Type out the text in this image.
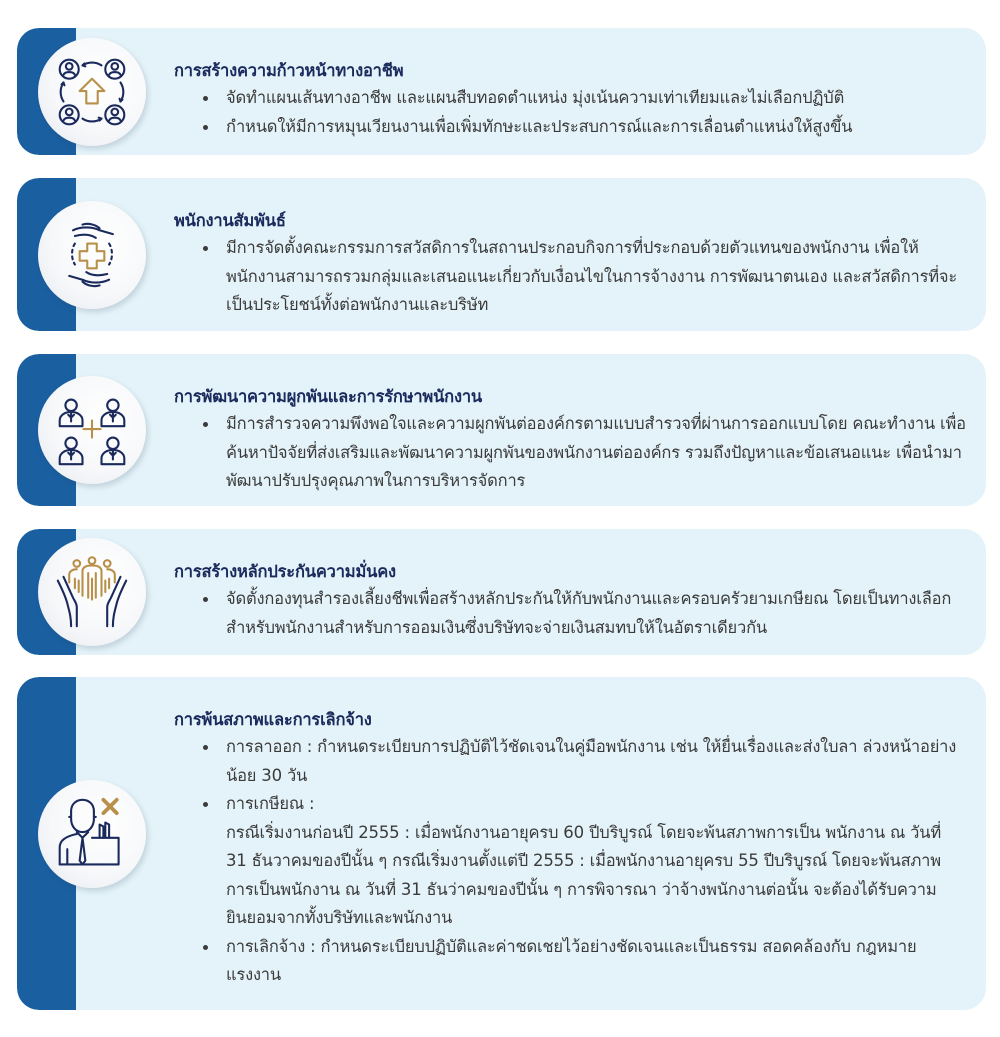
การสร้างความก้าวหน้าทางอาชีพ
จัดทำแผนเส้นทางอาชีพ และแผนสืบทอดตำแหน่ง มุ่งเน้นความเท่าเทียมและไม่เลือกปฏิบัติ
กำหนดให้มีการหมุนเวียนงานเพื่อเพิ่มทักษะและประสบการณ์และการเลื่อนตำแหน่งให้สูงขึ้น
พนักงานสัมพันธ์
มีการจัดตั้งคณะกรรมการสวัสดิการในสถานประกอบกิจการที่ประกอบด้วยตัวแทนของพนักงาน เพื่อให้พนักงานสามารถรวมกลุ่มและเสนอแนะเกี่ยวกับเงื่อนไขในการจ้างงาน การพัฒนาตนเอง และสวัสดิการที่จะเป็นประโยชน์ทั้งต่อพนักงานและบริษัท
การพัฒนาความผูกพันและการรักษาพนักงาน
มีการสำรวจความพึงพอใจและความผูกพันต่อองค์กรตามแบบสำรวจที่ผ่านการออกแบบโดย คณะทำงาน เพื่อค้นหาปัจจัยที่ส่งเสริมและพัฒนาความผูกพันของพนักงานต่อองค์กร รวมถึงปัญหาและข้อเสนอแนะ เพื่อนำมาพัฒนาปรับปรุงคุณภาพในการบริหารจัดการ
การสร้างหลักประกันความมั่นคง
จัดตั้งกองทุนสำรองเลี้ยงชีพเพื่อสร้างหลักประกันให้กับพนักงานและครอบครัวยามเกษียณ โดยเป็นทางเลือกสำหรับพนักงานสำหรับการออมเงินซึ่งบริษัทจะจ่ายเงินสมทบให้ในอัตราเดียวกัน
การพ้นสภาพและการเลิกจ้าง
การลาออก : กำหนดระเบียบการปฏิบัติไว้ชัดเจนในคู่มือพนักงาน เช่น ให้ยื่นเรื่องและส่งใบลา ล่วงหน้าอย่างน้อย 30 วัน
การเกษียณ :
กรณีเริ่มงานก่อนปี 2555 : เมื่อพนักงานอายุครบ 60 ปีบริบูรณ์ โดยจะพ้นสภาพการเป็น พนักงาน ณ วันที่ 31 ธันวาคมของปีนั้น ๆ กรณีเริ่มงานตั้งแต่ปี 2555 : เมื่อพนักงานอายุครบ 55 ปีบริบูรณ์ โดยจะพ้นสภาพการเป็นพนักงาน ณ วันที่ 31 ธันว่าคมของปีนั้น ๆ การพิจารณา ว่าจ้างพนักงานต่อนั้น จะต้องได้รับความยินยอมจากทั้งบริษัทและพนักงาน
การเลิกจ้าง : กำหนดระเบียบปฏิบัติและค่าชดเชยไว้อย่างชัดเจนและเป็นธรรม สอดคล้องกับ กฎหมายแรงงาน
